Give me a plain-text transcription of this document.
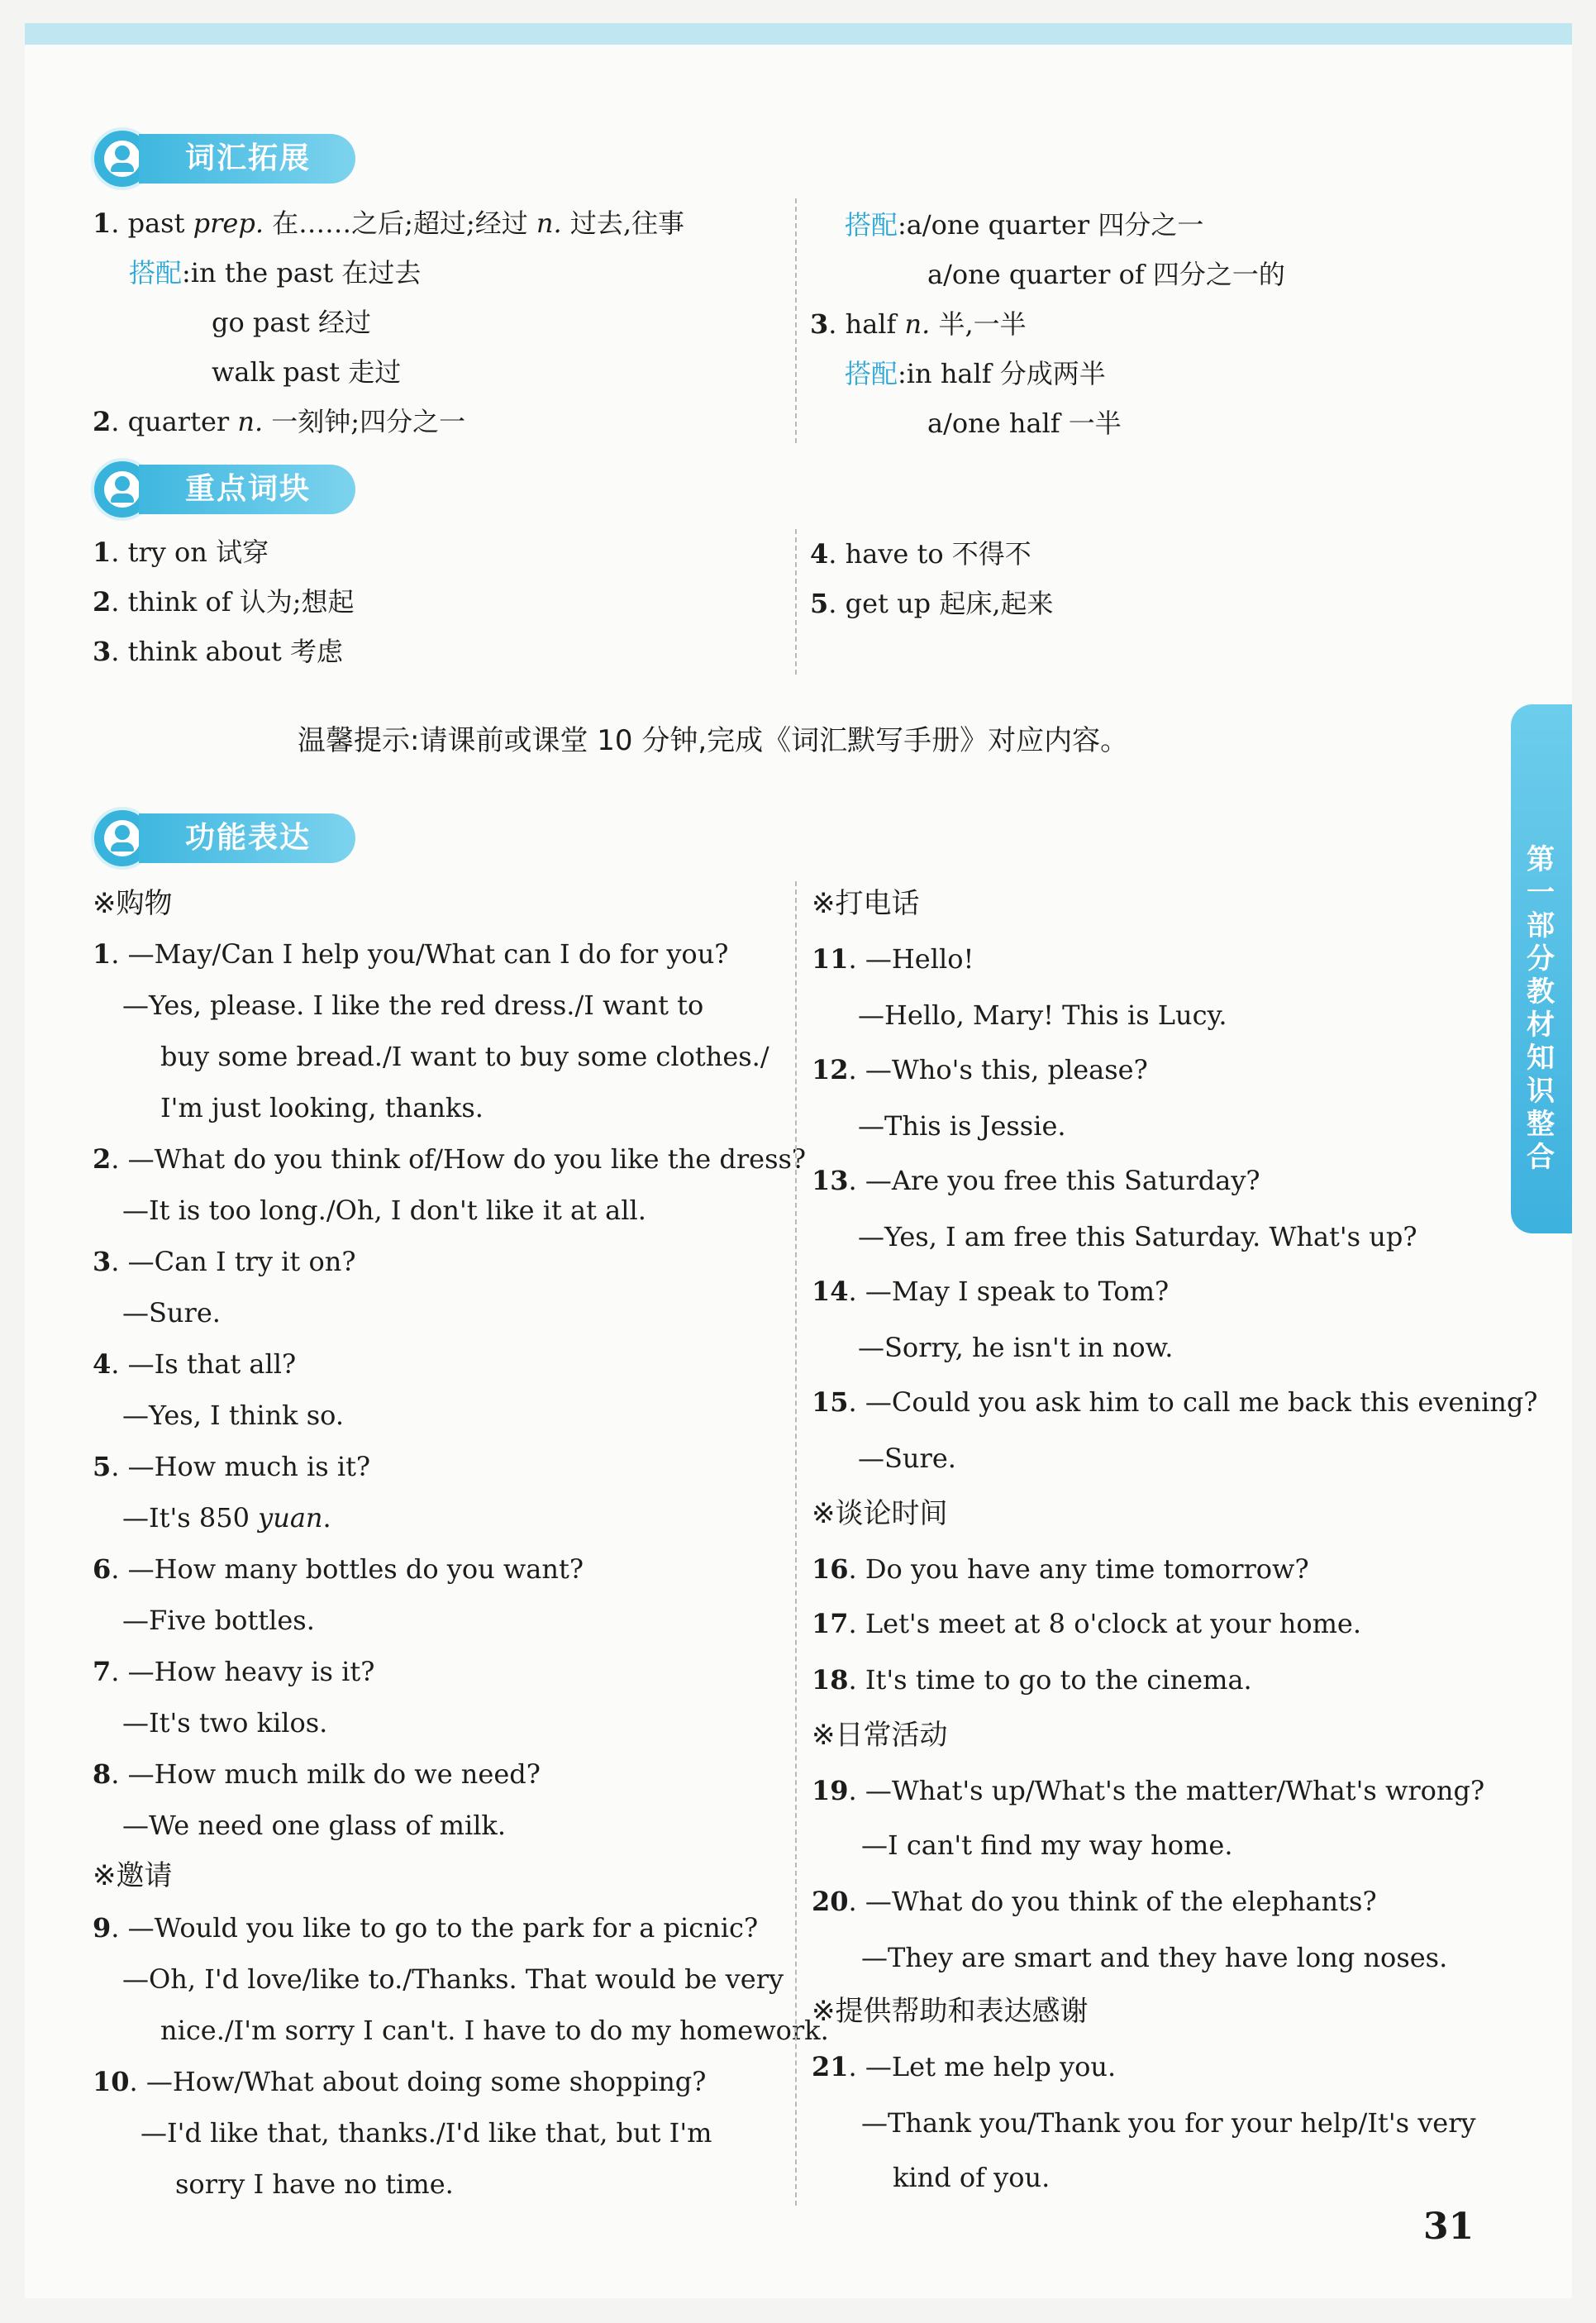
词汇拓展
1. past prep. 在……之后;超过;经过 n. 过去,往事
搭配:in the past 在过去
go past 经过
walk past 走过
2. quarter n. 一刻钟;四分之一
搭配:a/one quarter 四分之一
a/one quarter of 四分之一的
3. half n. 半,一半
搭配:in half 分成两半
a/one half 一半
重点词块
1. try on 试穿
2. think of 认为;想起
3. think about 考虑
4. have to 不得不
5. get up 起床,起来
温馨提示:请课前或课堂 10 分钟,完成《词汇默写手册》对应内容。
第一部分 教材知识整合
功能表达
※购物
1. —May/Can I help you/What can I do for you?
—Yes, please. I like the red dress./I want to
buy some bread./I want to buy some clothes./
I'm just looking, thanks.
2. —What do you think of/How do you like the dress?
—It is too long./Oh, I don't like it at all.
3. —Can I try it on?
—Sure.
4. —Is that all?
—Yes, I think so.
5. —How much is it?
—It's 850 yuan.
6. —How many bottles do you want?
—Five bottles.
7. —How heavy is it?
—It's two kilos.
8. —How much milk do we need?
—We need one glass of milk.
※邀请
9. —Would you like to go to the park for a picnic?
—Oh, I'd love/like to./Thanks. That would be very
nice./I'm sorry I can't. I have to do my homework.
10. —How/What about doing some shopping?
—I'd like that, thanks./I'd like that, but I'm
sorry I have no time.
※打电话
11. —Hello!
—Hello, Mary! This is Lucy.
12. —Who's this, please?
—This is Jessie.
13. —Are you free this Saturday?
—Yes, I am free this Saturday. What's up?
14. —May I speak to Tom?
—Sorry, he isn't in now.
15. —Could you ask him to call me back this evening?
—Sure.
※谈论时间
16. Do you have any time tomorrow?
17. Let's meet at 8 o'clock at your home.
18. It's time to go to the cinema.
※日常活动
19. —What's up/What's the matter/What's wrong?
—I can't find my way home.
20. —What do you think of the elephants?
—They are smart and they have long noses.
※提供帮助和表达感谢
21. —Let me help you.
—Thank you/Thank you for your help/It's very
kind of you.
31
